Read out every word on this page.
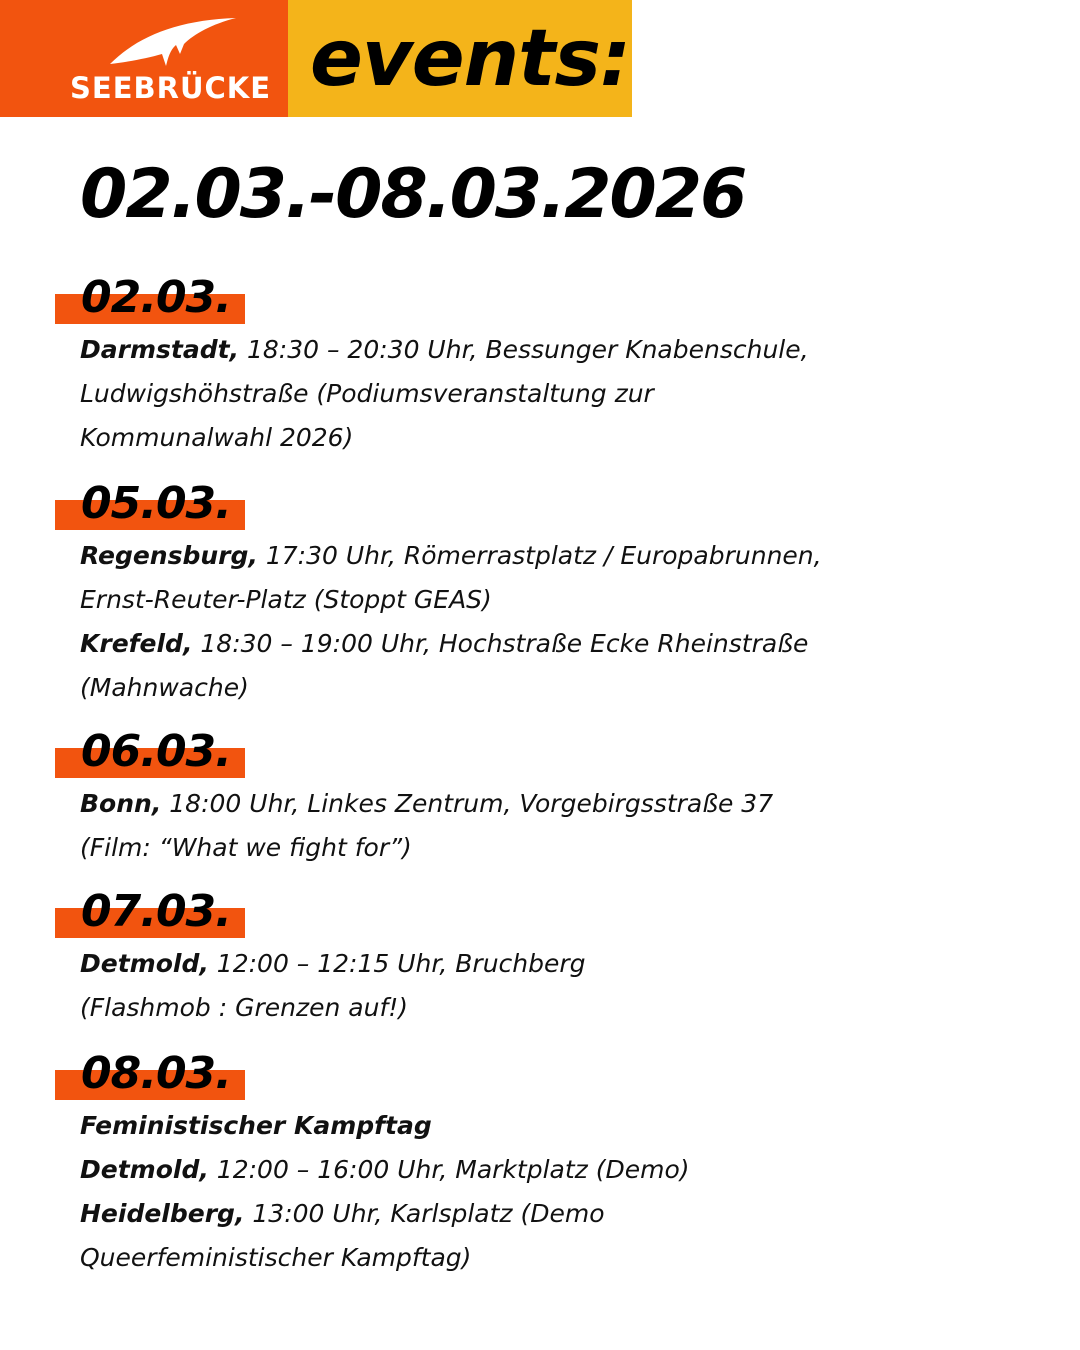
SEEBRÜCKE events:
02.03.-08.03.2026
02.03.
Darmstadt, 18:30 – 20:30 Uhr, Bessunger Knabenschule,
Ludwigshöhstraße (Podiumsveranstaltung zur
Kommunalwahl 2026)
05.03.
Regensburg, 17:30 Uhr, Römerrastplatz / Europabrunnen,
Ernst-Reuter-Platz (Stoppt GEAS)
Krefeld, 18:30 – 19:00 Uhr, Hochstraße Ecke Rheinstraße
(Mahnwache)
06.03.
Bonn, 18:00 Uhr, Linkes Zentrum, Vorgebirgsstraße 37
(Film: “What we fight for”)
07.03.
Detmold, 12:00 – 12:15 Uhr, Bruchberg
(Flashmob : Grenzen auf!)
08.03.
Feministischer Kampftag
Detmold, 12:00 – 16:00 Uhr, Marktplatz (Demo)
Heidelberg, 13:00 Uhr, Karlsplatz (Demo
Queerfeministischer Kampftag)
